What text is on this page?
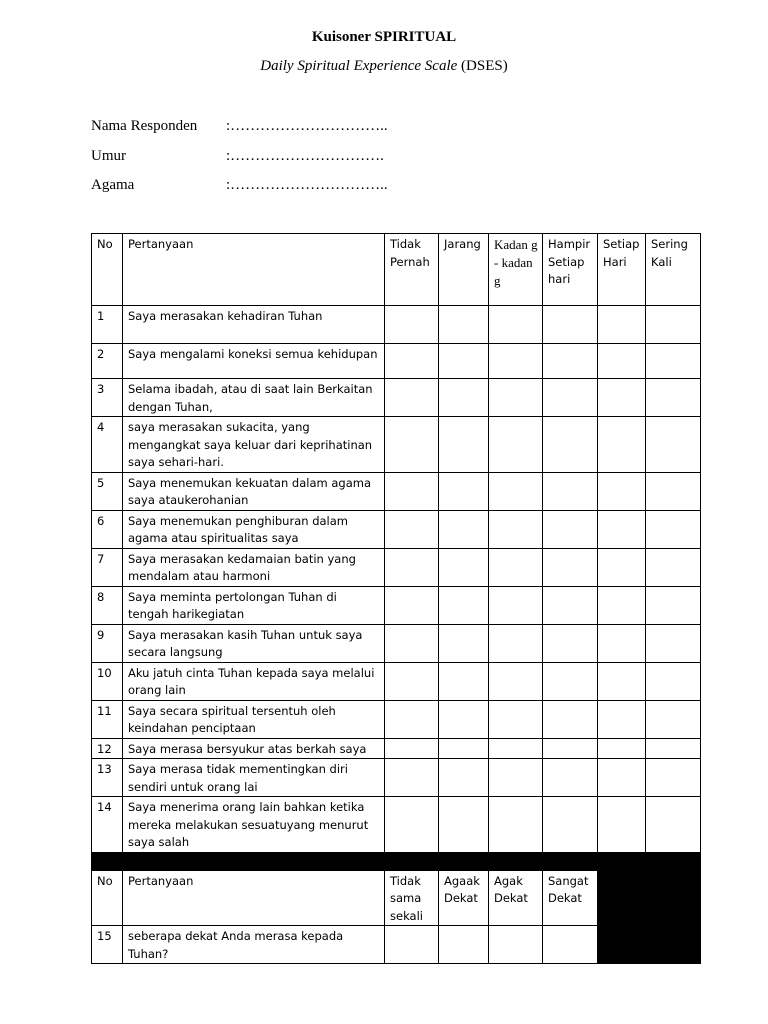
Kuisoner SPIRITUAL
Daily Spiritual Experience Scale (DSES)
Nama Responden :…………………………..
Umur	:………………………….
Agama	:…………………………..
No	Pertanyaan	Tidak Pernah	Jarang	Kadan g - kadan g	Hampir Setiap hari	Setiap Hari	Sering Kali
1	Saya merasakan kehadiran Tuhan						
2	Saya mengalami koneksi semua kehidupan						
3	Selama ibadah, atau di saat lain Berkaitan dengan Tuhan,						
4	saya merasakan sukacita, yang mengangkat saya keluar dari keprihatinan saya sehari-hari.						
5	Saya menemukan kekuatan dalam agama saya ataukerohanian						
6	Saya menemukan penghiburan dalam agama atau spiritualitas saya						
7	Saya merasakan kedamaian batin yang mendalam atau harmoni						
8	Saya meminta pertolongan Tuhan di tengah harikegiatan						
9	Saya merasakan kasih Tuhan untuk saya secara langsung						
10	Aku jatuh cinta Tuhan kepada saya melalui orang lain						
11	Saya secara spiritual tersentuh oleh keindahan penciptaan						
12	Saya merasa bersyukur atas berkah saya						
13	Saya merasa tidak mementingkan diri sendiri untuk orang lai						
14	Saya menerima orang lain bahkan ketika mereka melakukan sesuatuyang menurut saya salah						

No	Pertanyaan	Tidak sama sekali	Agaak Dekat	Agak Dekat	Sangat Dekat		
15	seberapa dekat Anda merasa kepada Tuhan?						
